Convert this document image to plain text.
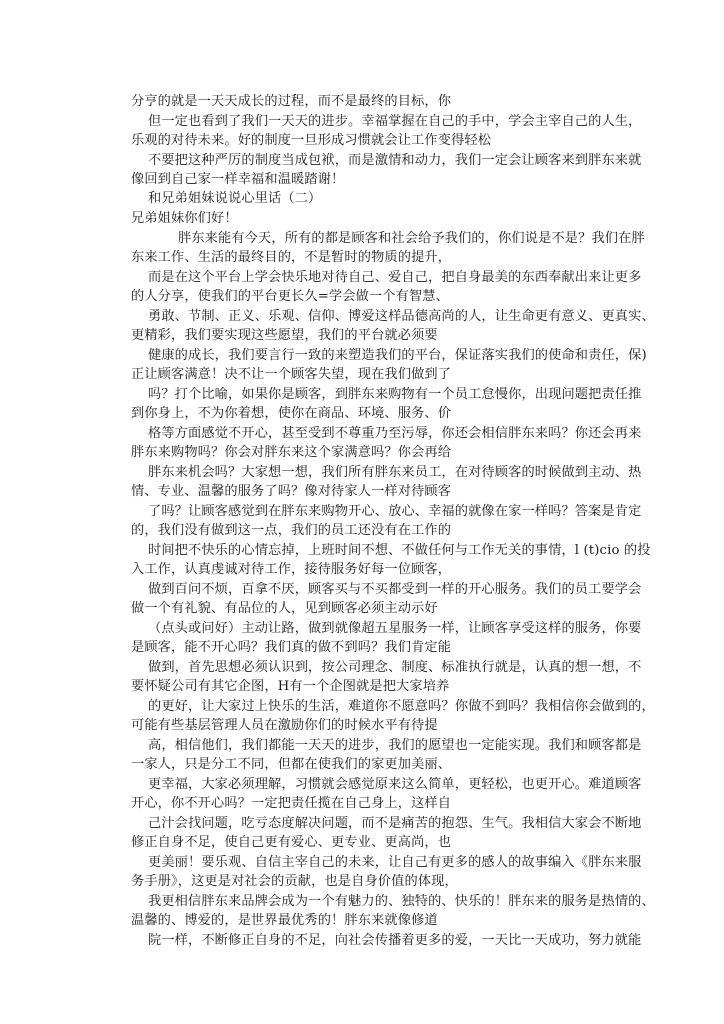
分亨的就是一天天成长的过程，而不是最终的目标，你
但一定也看到了我们一天天的进步。幸福掌握在自己的手中，学会主宰自己的人生，
乐观的对待未来。好的制度一旦形成习惯就会让工作变得轻松
不要把这种严厉的制度当成包袱，而是激情和动力，我们一定会让顾客来到胖东来就
像回到自己家一样幸福和温暖踏谢！
和兄弟姐妹说说心里话（二）
兄弟姐妹你们好！
胖东来能有今天，所有的都是顾客和社会给予我们的，你们说是不是？我们在胖
东来工作、生活的最终目的，不是暂时的物质的提升，
而是在这个平台上学会快乐地对待自己、爱自己，把自身最美的东西奉献出来让更多
的人分享，使我们的平台更长久=学会做一个有智慧、
勇敢、节制、正义、乐观、信仰、博爱这样品德高尚的人，让生命更有意义、更真实、
更精彩，我们要实现这些愿望，我们的平台就必须要
健康的成长，我们要言行一致的来塑造我们的平台，保证落实我们的使命和责任，保)
正让顾客满意！决不让一个顾客失望，现在我们做到了
吗？打个比喻，如果你是顾客，到胖东来购物有一个员工怠慢你，出现问题把责任推
到你身上，不为你着想，使你在商品、环境、服务、价
格等方面感觉不开心，甚至受到不尊重乃至污辱，你还会相信胖东来吗？你还会再来
胖东来购物吗？你会对胖东来这个家满意吗？你会再给
胖东来机会吗？大家想一想，我们所有胖东来员工，在对待顾客的时候做到主动、热
情、专业、温馨的服务了吗？像对待家人一样对待顾客
了吗？让顾客感觉到在胖东来购物开心、放心、幸福的就像在家一样吗？答案是肯定
的，我们没有做到这一点，我们的员工还没有在工作的
时间把不快乐的心情忘掉，上班时间不想、不做任何与工作无关的事情，l (t)cio 的投
入工作，认真虔诚对待工作，接待服务好每一位顾客，
做到百问不烦，百拿不厌，顾客买与不买都受到一样的开心服务。我们的员工要学会
做一个有礼貌、有品位的人，见到顾客必须主动示好
（点头或问好）主动让路，做到就像超五星服务一样，让顾客享受这样的服务，你要
是顾客，能不开心吗？我们真的做不到吗？我们肯定能
做到，首先思想必须认识到，按公司理念、制度、标准执行就是，认真的想一想，不
要怀疑公司有其它企图，H有一个企图就是把大家培养
的更好，让大家过上快乐的生活，难道你不愿意吗？你做不到吗？我相信你会做到的，
可能有些基层管理人员在激励你们的时候水平有待提
高，相信他们，我们都能一天天的进步，我们的愿望也一定能实现。我们和顾客都是
一家人，只是分工不同，但都在使我们的家更加美丽、
更幸福，大家必须理解，习惯就会感觉原来这么简单，更轻松，也更开心。难道顾客
开心，你不开心吗？一定把责任揽在自己身上，这样自
己汁会找问题，吃亏态度解决问题，而不是痛苦的抱怨、生气。我相信大家会不断地
修正自身不足，使自己更有爱心、更专业、更高尚，也
更美丽！要乐观、自信主宰自己的未来，让自己有更多的感人的故事编入《胖东来服
务手册》，这更是对社会的贡献，也是自身价值的体现，
我更相信胖东来品牌会成为一个有魅力的、独特的、快乐的！胖东来的服务是热情的、
温馨的、博爱的，是世界最优秀的！胖东来就像修道
院一样，不断修正自身的不足，向社会传播着更多的爱，一天比一天成功，努力就能
